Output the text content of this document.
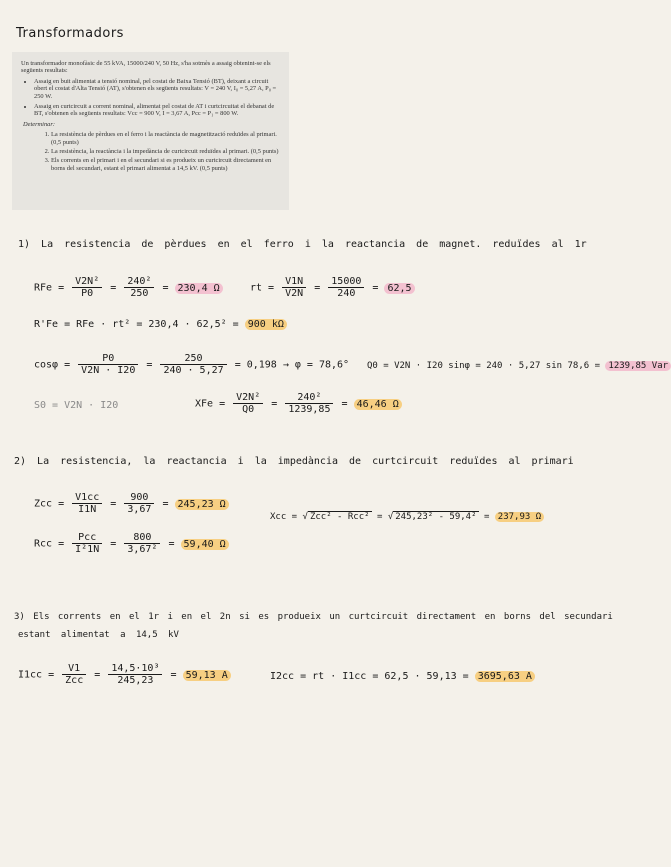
Transformadors

Un transformador monofàsic de 55 kVA, 15000/240 V, 50 Hz, s'ha sotmès a assaig obtenint-se els següents resultats:

• Assaig en buit alimentat a tensió nominal, pel costat de Baixa Tensió (BT), deixant a circuit obert el costat d'Alta Tensió (AT), s'obtenen els següents resultats: V = 240 V, I₀ = 5,27 A, P₀ = 250 W.
• Assaig en curtcircuit a corrent nominal, alimentat pel costat de AT i curtcircuitat el debanat de BT, s'obtenen els següents resultats: Vcc = 900 V, I = 3,67 A, Pcc = P₁ = 800 W.
Determinar:
1. La resistència de pèrdues en el ferro i la reactància de magnetització reduïdes al primari. (0,5 punts)
2. La resistència, la reactància i la impedància de curtcircuit reduïdes al primari. (0,5 punts)
3. Els corrents en el primari i en el secundari si es produeix un curtcircuit directament en borns del secundari, estant el primari alimentat a 14,5 kV. (0,5 punts)
1) La resistencia de pèrdues en el ferro i la reactancia de magnet. reduïdes al 1r
RFe = $\frac{\text{V2N²}}{P0} = \frac{\text{240²}}{250} = 230,4$ Ω	rt = $\frac{V1N}{V2N} = \frac{15000}{240} = 62,5$
R'Fe = RFe · rt² = 230,4 · 62,5² = 900 kΩ
$\cos\varphi = \frac{P0}{V2N \cdot I20} = \frac{250}{240 \cdot 5,27} = 0,198 \to \varphi = 78,6^\circ$ Q0 = V2N · I20 sinφ = 240 · 5,27 sin 78,6 = 1239,85 Var
S0 = V2N · I20	XFe = $\frac{\text{V2N²}}{Q0} = \frac{\text{240²}}{1239,85} = 46,46$ Ω
2) La resistencia, la reactancia i la impedància de curtcircuit reduïdes al primari
Zcc = $\frac{V1cc}{I1N} = \frac{900}{3,67} = 245,23$ Ω
Xcc = √ Zcc² - Rcc² = √ 245,23² - 59,4² = 237,93 Ω
Rcc = $\frac{\text{Pcc}}{\text{I²1N}} = \frac{800}{\text{3,67²}} = 59,40$ Ω
3) Els corrents en el 1r i en el 2n si es produeix un curtcircuit directament en borns del secundari
estant alimentat a 14,5 kV
$I1cc = \frac{V1}{\text{Zcc}} = \frac{\text{14,5·10³}}{245,23} = 59,13$ A	I2cc = rt · I1cc = 62,5 · 59,13 = 3695,63 A
